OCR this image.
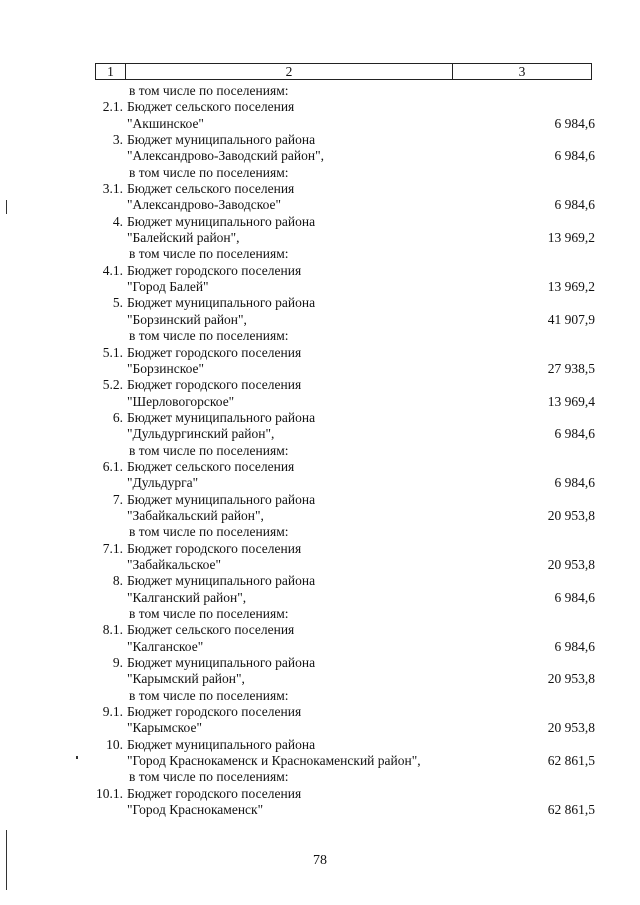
1	2	3
в том числе по поселениям:
2.1. Бюджет сельского поселения
"Акшинское"	6 984,6
3. Бюджет муниципального района
"Александрово-Заводский район",	6 984,6
в том числе по поселениям:
3.1. Бюджет сельского поселения
"Александрово-Заводское"	6 984,6
4. Бюджет муниципального района
"Балейский район",	13 969,2
в том числе по поселениям:
4.1. Бюджет городского поселения
"Город Балей"	13 969,2
5. Бюджет муниципального района
"Борзинский район",	41 907,9
в том числе по поселениям:
5.1. Бюджет городского поселения
"Борзинское"	27 938,5
5.2. Бюджет городского поселения
"Шерловогорское"	13 969,4
6. Бюджет муниципального района
"Дульдургинский район",	6 984,6
в том числе по поселениям:
6.1. Бюджет сельского поселения
"Дульдурга"	6 984,6
7. Бюджет муниципального района
"Забайкальский район",	20 953,8
в том числе по поселениям:
7.1. Бюджет городского поселения
"Забайкальское"	20 953,8
8. Бюджет муниципального района
"Калганский район",	6 984,6
в том числе по поселениям:
8.1. Бюджет сельского поселения
"Калганское"	6 984,6
9. Бюджет муниципального района
"Карымский район",	20 953,8
в том числе по поселениям:
9.1. Бюджет городского поселения
"Карымское"	20 953,8
10. Бюджет муниципального района
"Город Краснокаменск и Краснокаменский район",	62 861,5
в том числе по поселениям:
10.1. Бюджет городского поселения
"Город Краснокаменск"	62 861,5
78
